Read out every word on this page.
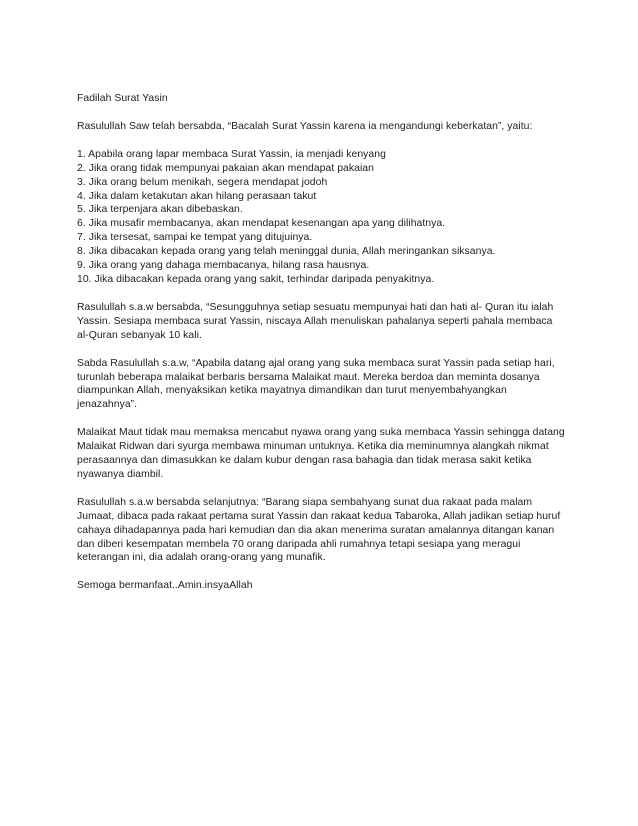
Fadilah Surat Yasin

Rasulullah Saw telah bersabda, “Bacalah Surat Yassin karena ia mengandungi keberkatan”, yaitu:

1. Apabila orang lapar membaca Surat Yassin, ia menjadi kenyang
2. Jika orang tidak mempunyai pakaian akan mendapat pakaian
3. Jika orang belum menikah, segera mendapat jodoh
4. Jika dalam ketakutan akan hilang perasaan takut
5. Jika terpenjara akan dibebaskan.
6. Jika musafir membacanya, akan mendapat kesenangan apa yang dilihatnya.
7. Jika tersesat, sampai ke tempat yang ditujuinya.
8. Jika dibacakan kepada orang yang telah meninggal dunia, Allah meringankan siksanya.
9. Jika orang yang dahaga membacanya, hilang rasa hausnya.
10. Jika dibacakan kepada orang yang sakit, terhindar daripada penyakitnya.

Rasulullah s.a.w bersabda, “Sesungguhnya setiap sesuatu mempunyai hati dan hati al- Quran itu ialah
Yassin. Sesiapa membaca surat Yassin, niscaya Allah menuliskan pahalanya seperti pahala membaca
al-Quran sebanyak 10 kali.

Sabda Rasulullah s.a.w, “Apabila datang ajal orang yang suka membaca surat Yassin pada setiap hari,
turunlah beberapa malaikat berbaris bersama Malaikat maut. Mereka berdoa dan meminta dosanya
diampunkan Allah, menyaksikan ketika mayatnya dimandikan dan turut menyembahyangkan
jenazahnya”.

Malaikat Maut tidak mau memaksa mencabut nyawa orang yang suka membaca Yassin sehingga datang
Malaikat Ridwan dari syurga membawa minuman untuknya. Ketika dia meminumnya alangkah nikmat
perasaannya dan dimasukkan ke dalam kubur dengan rasa bahagia dan tidak merasa sakit ketika
nyawanya diambil.

Rasulullah s.a.w bersabda selanjutnya: “Barang siapa sembahyang sunat dua rakaat pada malam
Jumaat, dibaca pada rakaat pertama surat Yassin dan rakaat kedua Tabaroka, Allah jadikan setiap huruf
cahaya dihadapannya pada hari kemudian dan dia akan menerima suratan amalannya ditangan kanan
dan diberi kesempatan membela 70 orang daripada ahli rumahnya tetapi sesiapa yang meragui
keterangan ini, dia adalah orang-orang yang munafik.

Semoga bermanfaat..Amin.insyaAllah
